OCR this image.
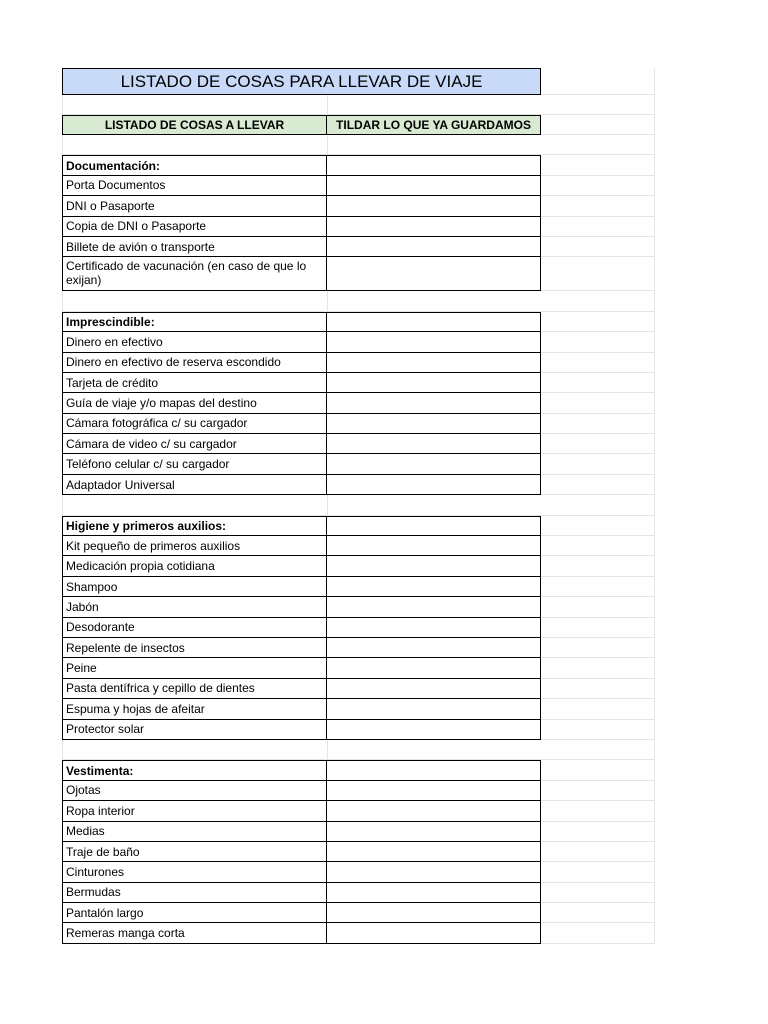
LISTADO DE COSAS PARA LLEVAR DE VIAJE
LISTADO DE COSAS A LLEVAR	TILDAR LO QUE YA GUARDAMOS
Documentación:
Porta Documentos
DNI o Pasaporte
Copia de DNI o Pasaporte
Billete de avión o transporte
Certificado de vacunación (en caso de que lo exijan)
Imprescindible:
Dinero en efectivo
Dinero en efectivo de reserva escondido
Tarjeta de crédito
Guía de viaje y/o mapas del destino
Cámara fotográfica c/ su cargador
Cámara de video c/ su cargador
Teléfono celular c/ su cargador
Adaptador Universal
Higiene y primeros auxilios:
Kit pequeño de primeros auxilios
Medicación propia cotidiana
Shampoo
Jabón
Desodorante
Repelente de insectos
Peine
Pasta dentífrica y cepillo de dientes
Espuma y hojas de afeitar
Protector solar
Vestimenta:
Ojotas
Ropa interior
Medias
Traje de baño
Cinturones
Bermudas
Pantalón largo
Remeras manga corta
